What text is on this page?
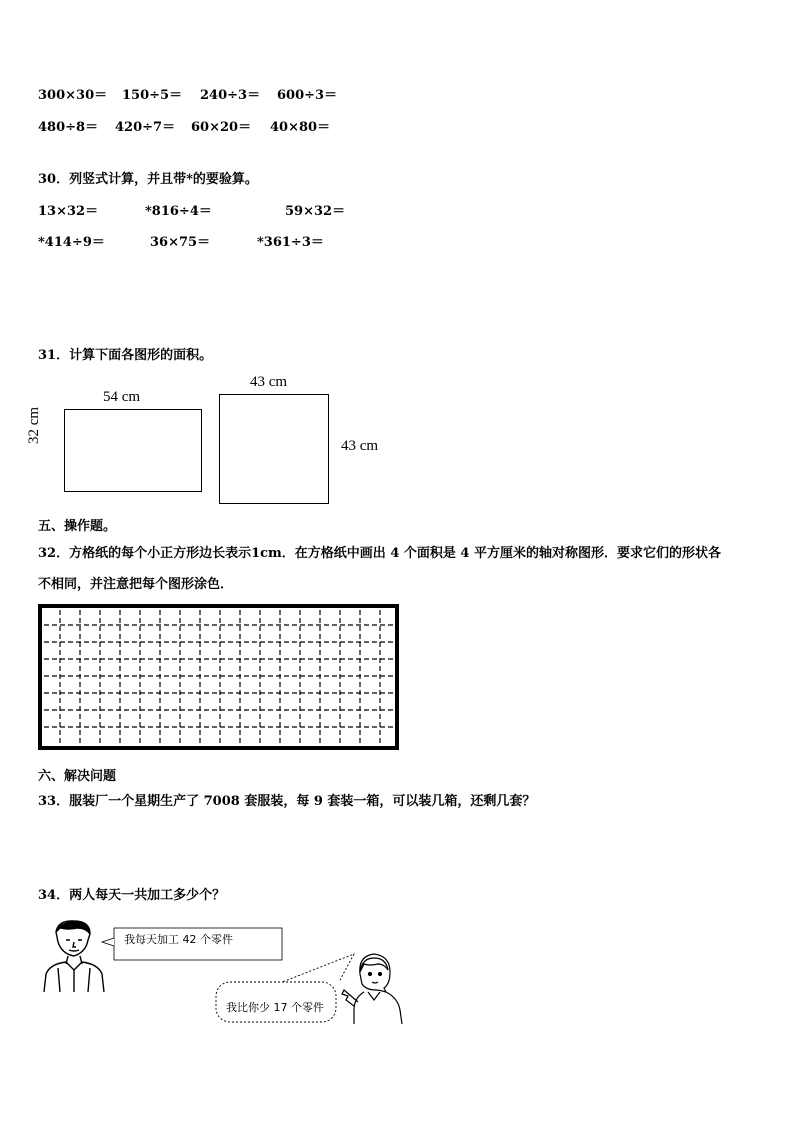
300×30＝ 150÷5＝ 240÷3＝ 600÷3＝
480÷8＝ 420÷7＝ 60×20＝ 40×80＝
30．列竖式计算，并且带*的要验算。
13×32＝	*816÷4＝	59×32＝
*414÷9＝	36×75＝	*361÷3＝
31．计算下面各图形的面积。
54 cm
32 cm
43 cm
43 cm
五、操作题。
32．方格纸的每个小正方形边长表示1cm．在方格纸中画出 4 个面积是 4 平方厘米的轴对称图形．要求它们的形状各
不相同，并注意把每个图形涂色．
六、解决问题
33．服装厂一个星期生产了 7008 套服装，每 9 套装一箱，可以装几箱，还剩几套？
34．两人每天一共加工多少个？
我每天加工 42 个零件
我比你少 17 个零件
